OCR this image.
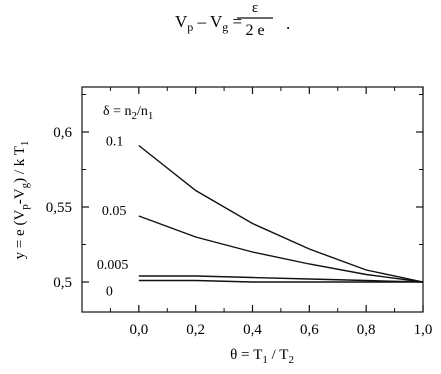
$V_p - V_g$ =
ε
2 e .
0,0	0,2	0,4	0,6	0,8	1,0
0,5
0,55
0,6
0.1
0.05
0.005
0
$\delta = n_2/n_1$
$\theta = T_1 / T_2$
y = e $(V_p-V_g)$ / k $T_1$
